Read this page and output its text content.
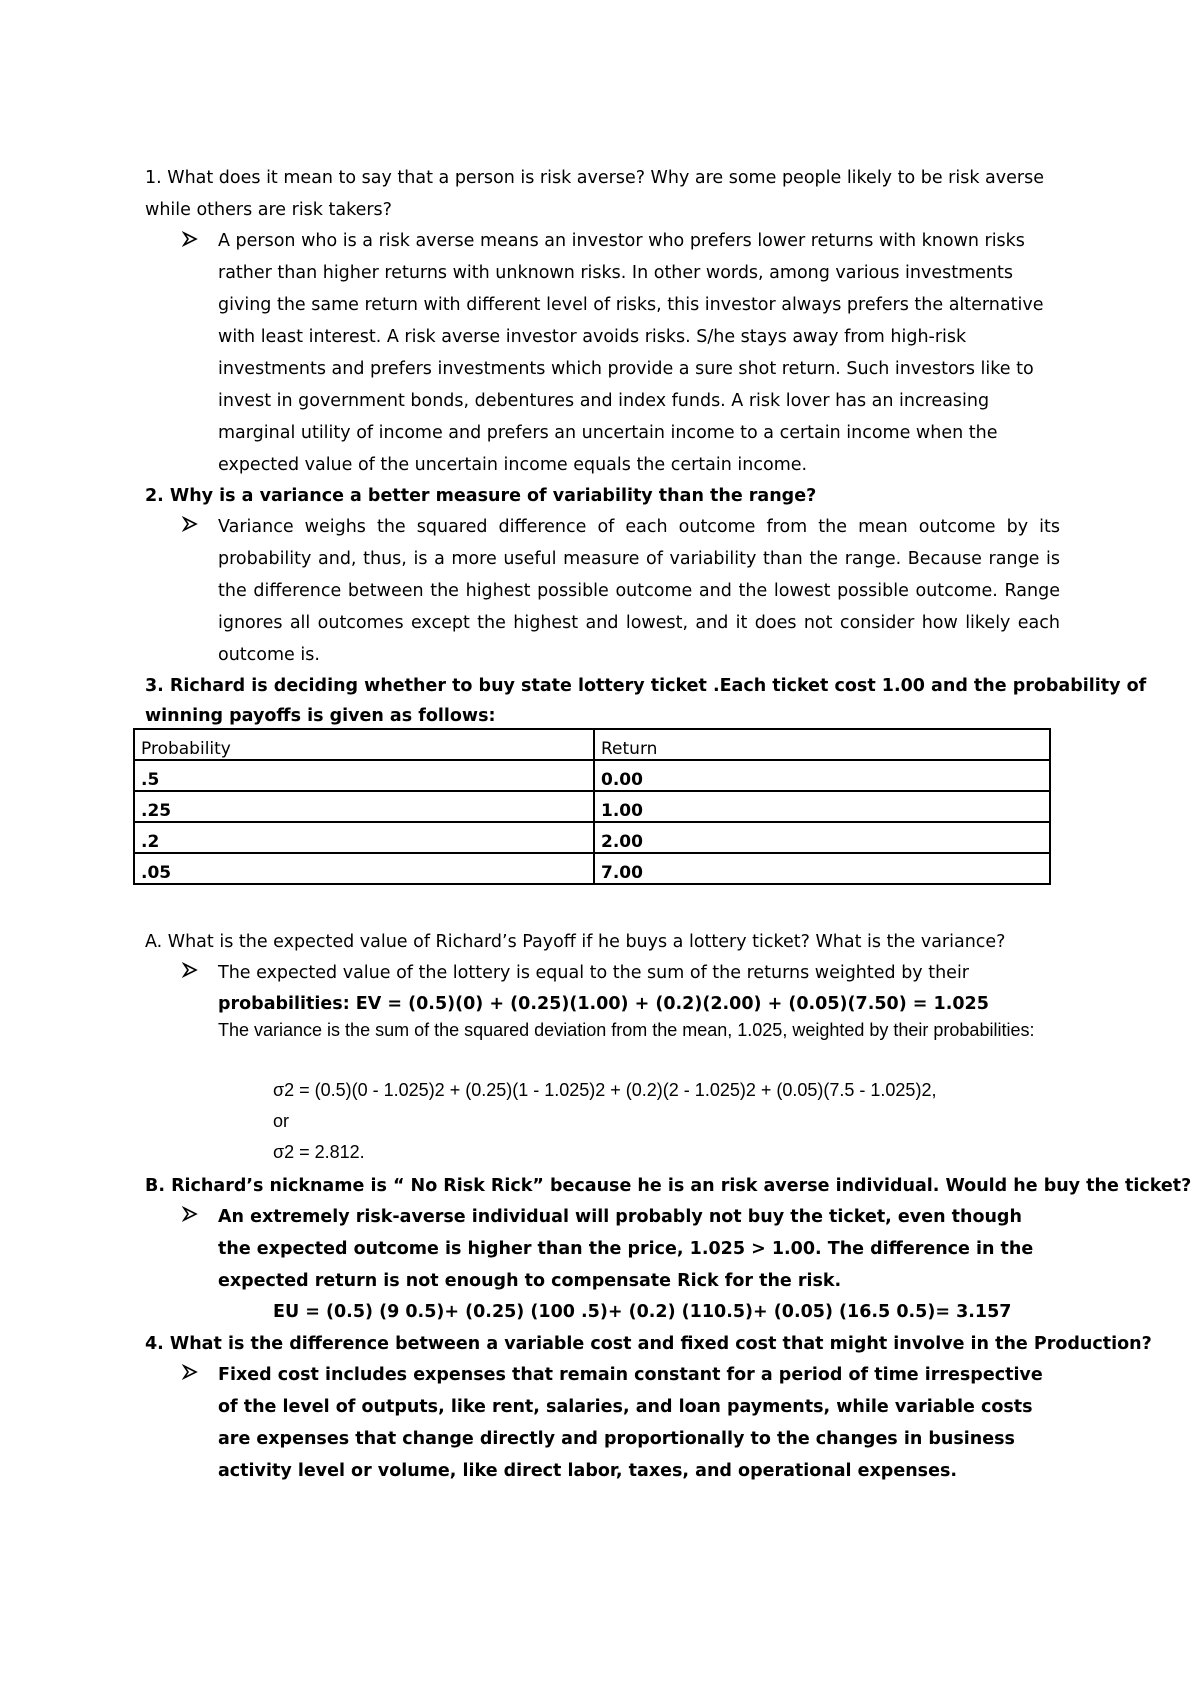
1. What does it mean to say that a person is risk averse? Why are some people likely to be risk averse

while others are risk takers?

A person who is a risk averse means an investor who prefers lower returns with known risks rather than higher returns with unknown risks. In other words, among various investments giving the same return with different level of risks, this investor always prefers the alternative with least interest. A risk averse investor avoids risks. S/he stays away from high-risk investments and prefers investments which provide a sure shot return. Such investors like to invest in government bonds, debentures and index funds. A risk lover has an increasing marginal utility of income and prefers an uncertain income to a certain income when the expected value of the uncertain income equals the certain income.

2. Why is a variance a better measure of variability than the range?

Variance weighs the squared difference of each outcome from the mean outcome by its probability and, thus, is a more useful measure of variability than the range. Because range is the difference between the highest possible outcome and the lowest possible outcome. Range ignores all outcomes except the highest and lowest, and it does not consider how likely each outcome is.

3. Richard is deciding whether to buy state lottery ticket .Each ticket cost 1.00 and the probability of

winning payoffs is given as follows:

Probability	Return
.5	0.00
.25	1.00
.2	2.00
.05	7.00

A. What is the expected value of Richard’s Payoff if he buys a lottery ticket? What is the variance?

The expected value of the lottery is equal to the sum of the returns weighted by their

probabilities: EV = (0.5)(0) + (0.25)(1.00) + (0.2)(2.00) + (0.05)(7.50) = 1.025

The variance is the sum of the squared deviation from the mean, 1.025, weighted by their probabilities:

σ2 = (0.5)(0 - 1.025)2 + (0.25)(1 - 1.025)2 + (0.2)(2 - 1.025)2 + (0.05)(7.5 - 1.025)2,

or

σ2 = 2.812.

B. Richard’s nickname is “ No Risk Rick” because he is an risk averse individual. Would he buy the ticket?

An extremely risk-averse individual will probably not buy the ticket, even though the expected outcome is higher than the price, 1.025 > 1.00. The difference in the expected return is not enough to compensate Rick for the risk.

EU = (0.5) (9 0.5)+ (0.25) (100 .5)+ (0.2) (110.5)+ (0.05) (16.5 0.5)= 3.157

4. What is the difference between a variable cost and fixed cost that might involve in the Production?

Fixed cost includes expenses that remain constant for a period of time irrespective of the level of outputs, like rent, salaries, and loan payments, while variable costs are expenses that change directly and proportionally to the changes in business activity level or volume, like direct labor, taxes, and operational expenses.
